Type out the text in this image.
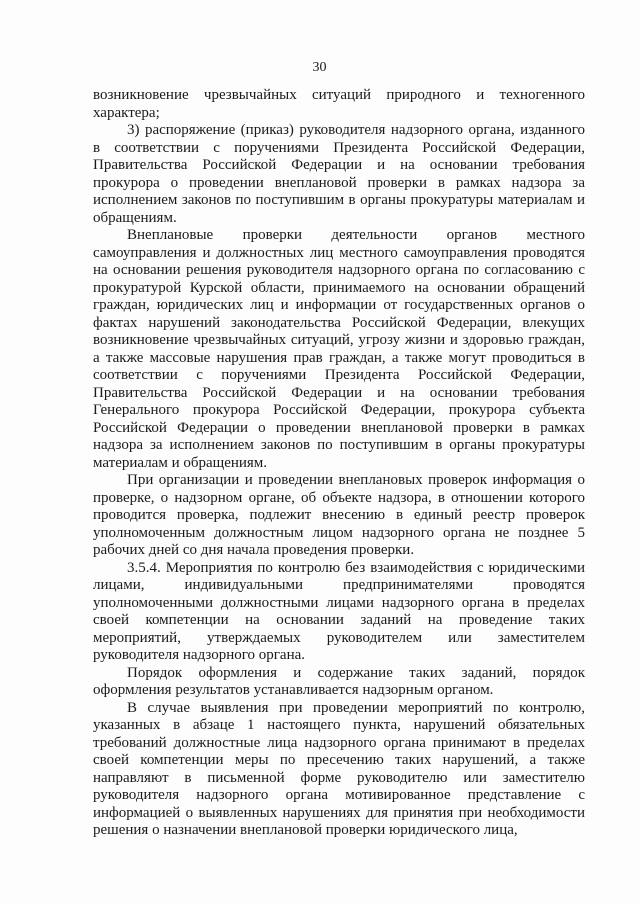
30

возникновение чрезвычайных ситуаций природного и техногенного характера;

3) распоряжение (приказ) руководителя надзорного органа, изданного в соответствии с поручениями Президента Российской Федерации, Правительства Российской Федерации и на основании требования прокурора о проведении внеплановой проверки в рамках надзора за исполнением законов по поступившим в органы прокуратуры материалам и обращениям.

Внеплановые проверки деятельности органов местного самоуправления и должностных лиц местного самоуправления проводятся на основании решения руководителя надзорного органа по согласованию с прокуратурой Курской области, принимаемого на основании обращений граждан, юридических лиц и информации от государственных органов о фактах нарушений законодательства Российской Федерации, влекущих возникновение чрезвычайных ситуаций, угрозу жизни и здоровью граждан, а также массовые нарушения прав граждан, а также могут проводиться в соответствии с поручениями Президента Российской Федерации, Правительства Российской Федерации и на основании требования Генерального прокурора Российской Федерации, прокурора субъекта Российской Федерации о проведении внеплановой проверки в рамках надзора за исполнением законов по поступившим в органы прокуратуры материалам и обращениям.

При организации и проведении внеплановых проверок информация о проверке, о надзорном органе, об объекте надзора, в отношении которого проводится проверка, подлежит внесению в единый реестр проверок уполномоченным должностным лицом надзорного органа не позднее 5 рабочих дней со дня начала проведения проверки.

3.5.4. Мероприятия по контролю без взаимодействия с юридическими лицами, индивидуальными предпринимателями проводятся уполномоченными должностными лицами надзорного органа в пределах своей компетенции на основании заданий на проведение таких мероприятий, утверждаемых руководителем или заместителем руководителя надзорного органа.

Порядок оформления и содержание таких заданий, порядок оформления результатов устанавливается надзорным органом.

В случае выявления при проведении мероприятий по контролю, указанных в абзаце 1 настоящего пункта, нарушений обязательных требований должностные лица надзорного органа принимают в пределах своей компетенции меры по пресечению таких нарушений, а также направляют в письменной форме руководителю или заместителю руководителя надзорного органа мотивированное представление с информацией о выявленных нарушениях для принятия при необходимости решения о назначении внеплановой проверки юридического лица,
